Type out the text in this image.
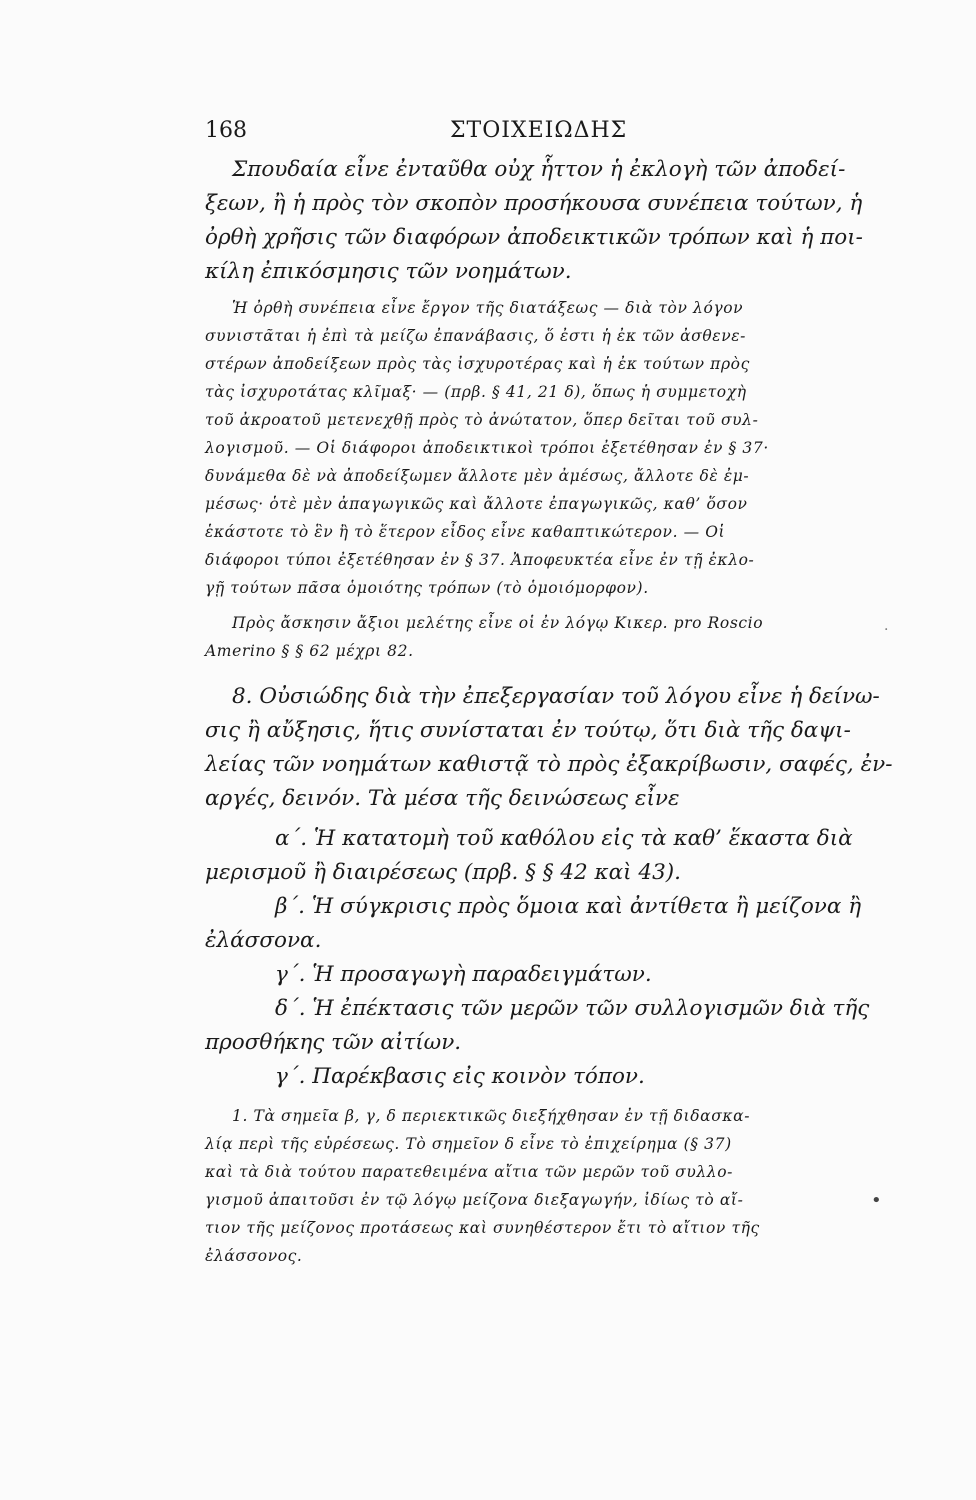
168	ΣΤΟΙΧΕΙΩΔΗΣ
Σπουδαία εἶνε ἐνταῦθα οὐχ ἧττον ἡ ἐκλογὴ τῶν ἀποδεί-
ξεων, ἢ ἡ πρὸς τὸν σκοπὸν προσήκουσα συνέπεια τούτων, ἡ
ὀρθὴ χρῆσις τῶν διαφόρων ἀποδεικτικῶν τρόπων καὶ ἡ ποι-
κίλη ἐπικόσμησις τῶν νοημάτων.
Ἡ ὀρθὴ συνέπεια εἶνε ἔργον τῆς διατάξεως — διὰ τὸν λόγον
συνιστᾶται ἡ ἐπὶ τὰ μείζω ἐπανάβασις, ὅ ἐστι ἡ ἐκ τῶν ἀσθενε-
στέρων ἀποδείξεων πρὸς τὰς ἰσχυροτέρας καὶ ἡ ἐκ τούτων πρὸς
τὰς ἰσχυροτάτας κλῖμαξ· — (πρβ. § 41, 21 δ), ὅπως ἡ συμμετοχὴ
τοῦ ἀκροατοῦ μετενεχθῇ πρὸς τὸ ἀνώτατον, ὅπερ δεῖται τοῦ συλ-
λογισμοῦ. — Οἱ διάφοροι ἀποδεικτικοὶ τρόποι ἐξετέθησαν ἐν § 37·
δυνάμεθα δὲ νὰ ἀποδείξωμεν ἄλλοτε μὲν ἀμέσως, ἄλλοτε δὲ ἐμ-
μέσως· ὁτὲ μὲν ἀπαγωγικῶς καὶ ἄλλοτε ἐπαγωγικῶς, καθ’ ὅσον
ἑκάστοτε τὸ ἓν ἢ τὸ ἕτερον εἶδος εἶνε καθαπτικώτερον. — Οἱ
διάφοροι τύποι ἐξετέθησαν ἐν § 37. Ἀποφευκτέα εἶνε ἐν τῇ ἐκλο-
γῇ τούτων πᾶσα ὁμοιότης τρόπων (τὸ ὁμοιόμορφον).
Πρὸς ἄσκησιν ἄξιοι μελέτης εἶνε οἱ ἐν λόγῳ Κικερ. pro Roscio
Amerino § § 62 μέχρι 82.
8. Οὐσιώδης διὰ τὴν ἐπεξεργασίαν τοῦ λόγου εἶνε ἡ δείνω-
σις ἢ αὔξησις, ἥτις συνίσταται ἐν τούτῳ, ὅτι διὰ τῆς δαψι-
λείας τῶν νοημάτων καθιστᾷ τὸ πρὸς ἐξακρίβωσιν, σαφές, ἐν-
αργές, δεινόν. Τὰ μέσα τῆς δεινώσεως εἶνε
α΄. Ἡ κατατομὴ τοῦ καθόλου εἰς τὰ καθ’ ἕκαστα διὰ
μερισμοῦ ἢ διαιρέσεως (πρβ. § § 42 καὶ 43).
β΄. Ἡ σύγκρισις πρὸς ὅμοια καὶ ἀντίθετα ἢ μείζονα ἢ
ἐλάσσονα.
γ΄. Ἡ προσαγωγὴ παραδειγμάτων.
δ΄. Ἡ ἐπέκτασις τῶν μερῶν τῶν συλλογισμῶν διὰ τῆς
προσθήκης τῶν αἰτίων.
γ΄. Παρέκβασις εἰς κοινὸν τόπον.
1. Τὰ σημεῖα β, γ, δ περιεκτικῶς διεξήχθησαν ἐν τῇ διδασκα-
λίᾳ περὶ τῆς εὑρέσεως. Τὸ σημεῖον δ εἶνε τὸ ἐπιχείρημα (§ 37)
καὶ τὰ διὰ τούτου παρατεθειμένα αἴτια τῶν μερῶν τοῦ συλλο-
γισμοῦ ἀπαιτοῦσι ἐν τῷ λόγῳ μείζονα διεξαγωγήν, ἰδίως τὸ αἴ-
τιον τῆς μείζονος προτάσεως καὶ συνηθέστερον ἔτι τὸ αἴτιον τῆς
ἐλάσσονος.
·
•
